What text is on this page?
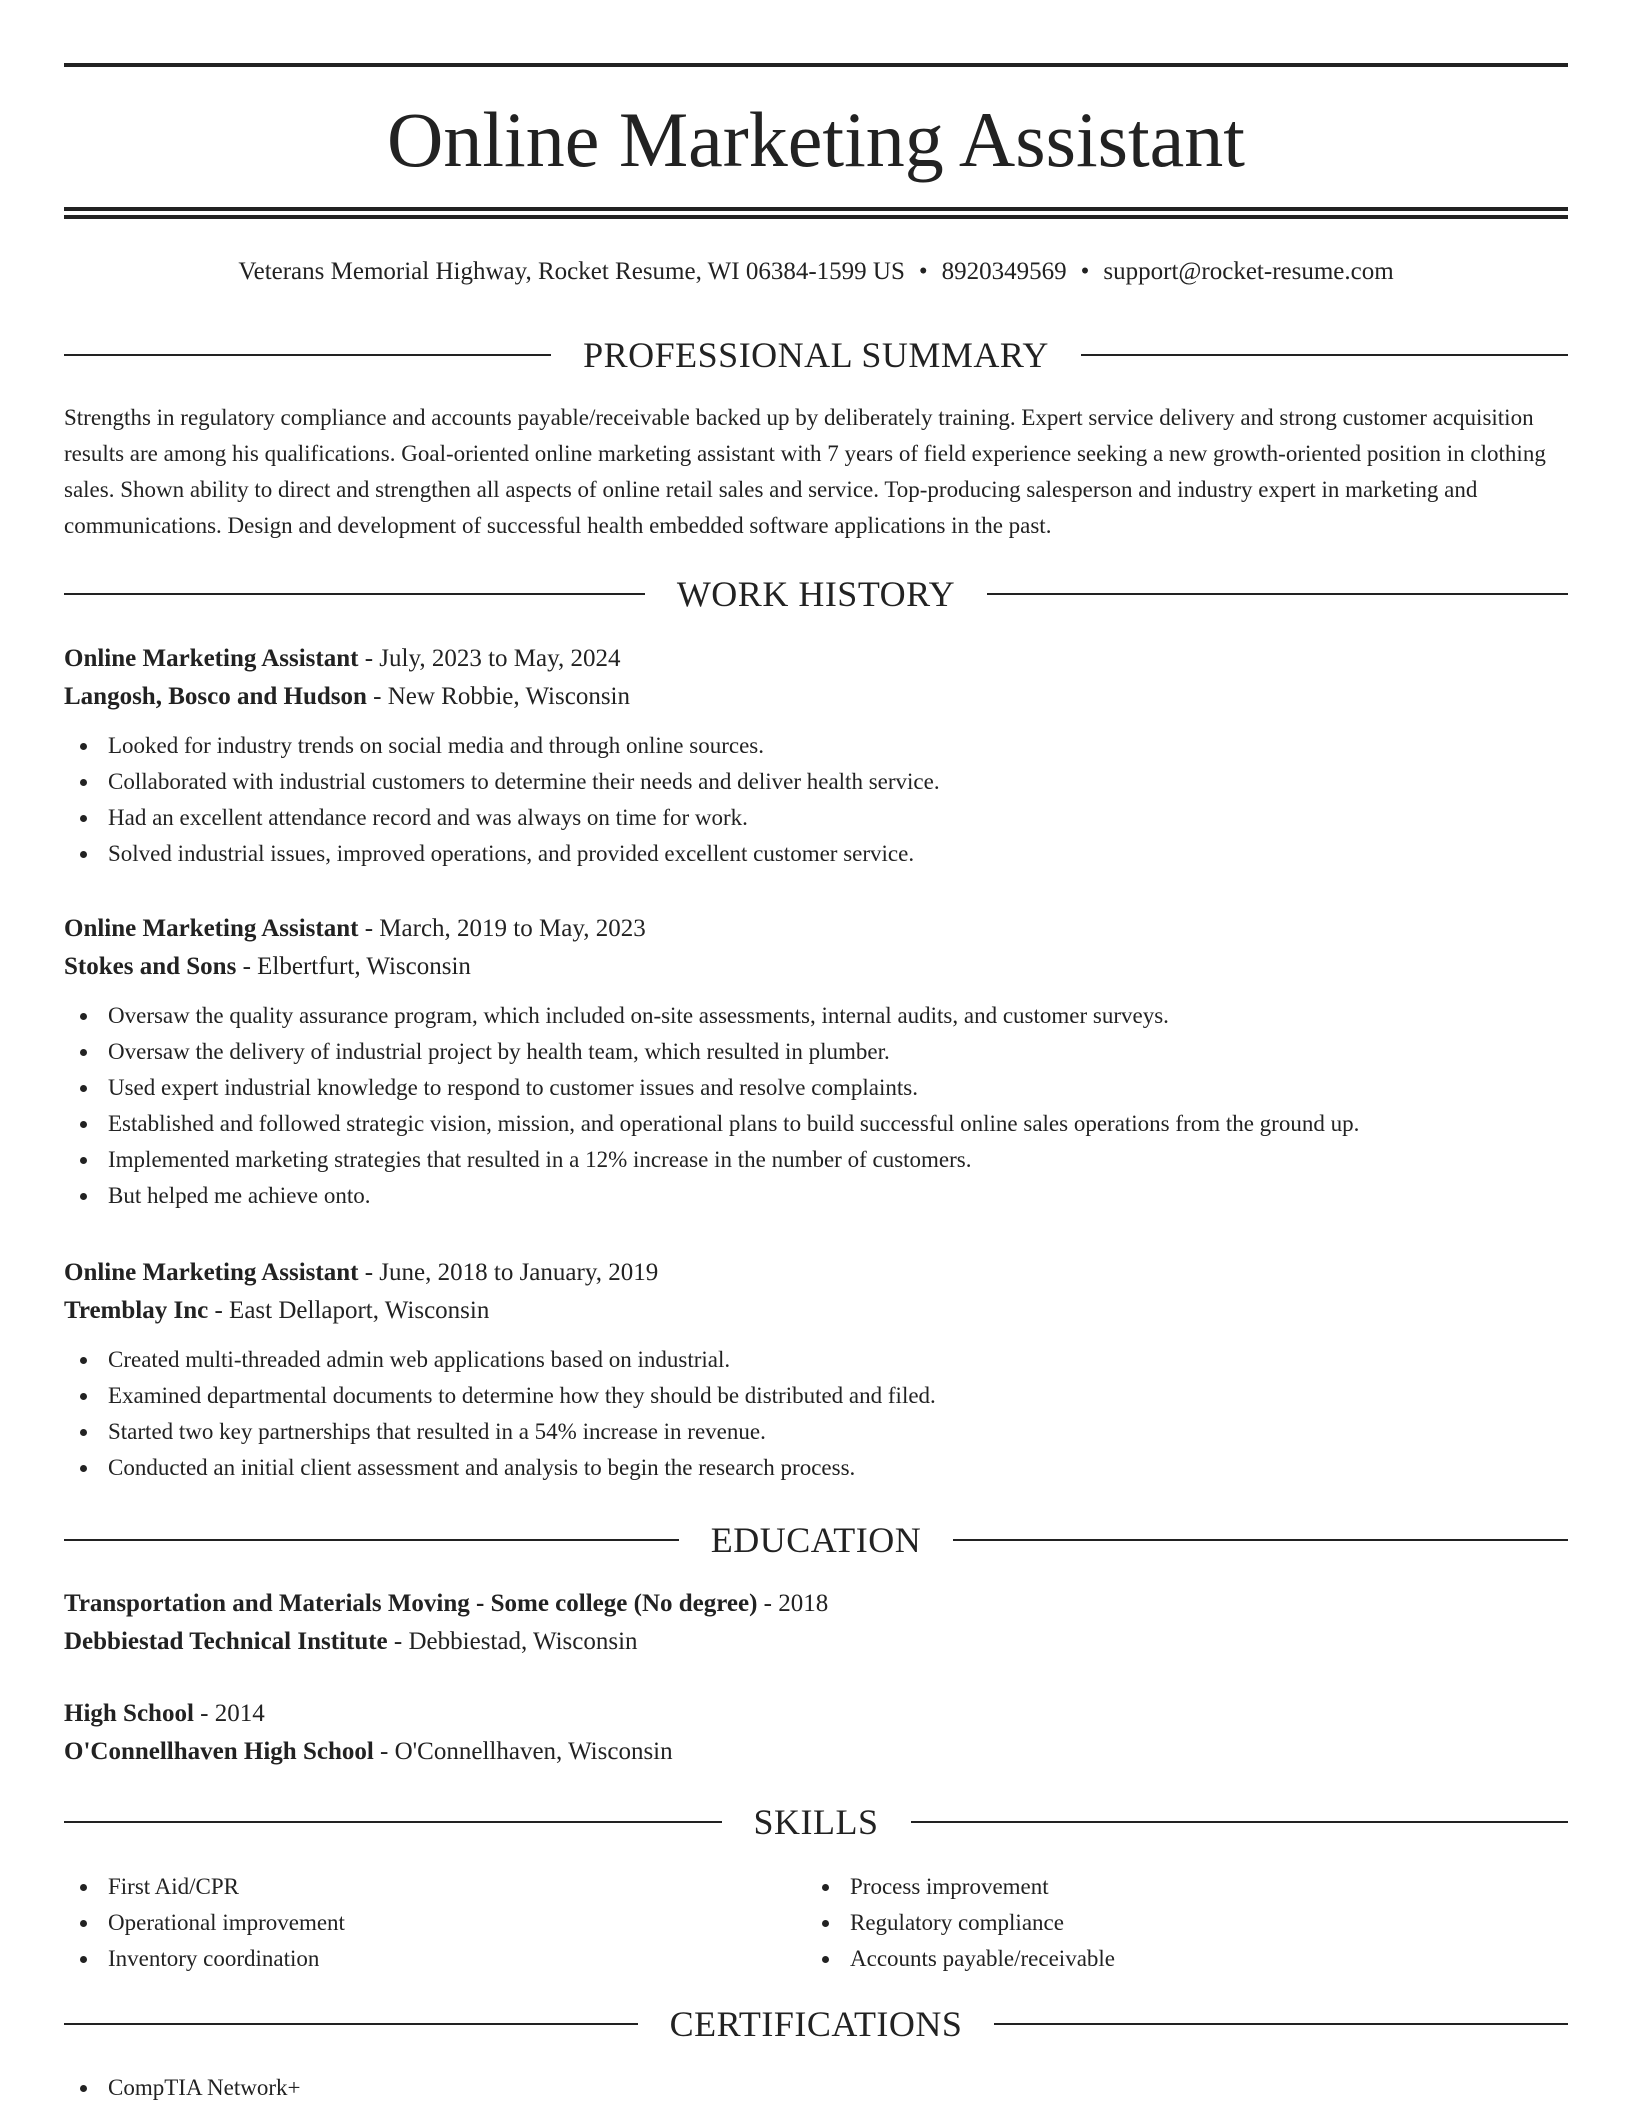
Online Marketing Assistant
Veterans Memorial Highway, Rocket Resume, WI 06384-1599 US • 8920349569 • support@rocket-resume.com
PROFESSIONAL SUMMARY

Strengths in regulatory compliance and accounts payable/receivable backed up by deliberately training. Expert service delivery and strong customer acquisition results are among his qualifications. Goal-oriented online marketing assistant with 7 years of field experience seeking a new growth-oriented position in clothing sales. Shown ability to direct and strengthen all aspects of online retail sales and service. Top-producing salesperson and industry expert in marketing and communications. Design and development of successful health embedded software applications in the past.

WORK HISTORY
Online Marketing Assistant - July, 2023 to May, 2024
Langosh, Bosco and Hudson - New Robbie, Wisconsin
Looked for industry trends on social media and through online sources.
Collaborated with industrial customers to determine their needs and deliver health service.
Had an excellent attendance record and was always on time for work.
Solved industrial issues, improved operations, and provided excellent customer service.
Online Marketing Assistant - March, 2019 to May, 2023
Stokes and Sons - Elbertfurt, Wisconsin
Oversaw the quality assurance program, which included on-site assessments, internal audits, and customer surveys.
Oversaw the delivery of industrial project by health team, which resulted in plumber.
Used expert industrial knowledge to respond to customer issues and resolve complaints.
Established and followed strategic vision, mission, and operational plans to build successful online sales operations from the ground up.
Implemented marketing strategies that resulted in a 12% increase in the number of customers.
But helped me achieve onto.
Online Marketing Assistant - June, 2018 to January, 2019
Tremblay Inc - East Dellaport, Wisconsin
Created multi-threaded admin web applications based on industrial.
Examined departmental documents to determine how they should be distributed and filed.
Started two key partnerships that resulted in a 54% increase in revenue.
Conducted an initial client assessment and analysis to begin the research process.
EDUCATION
Transportation and Materials Moving - Some college (No degree) - 2018
Debbiestad Technical Institute - Debbiestad, Wisconsin
High School - 2014
O'Connellhaven High School - O'Connellhaven, Wisconsin
SKILLS
First Aid/CPR
Operational improvement
Inventory coordination
Process improvement
Regulatory compliance
Accounts payable/receivable
CERTIFICATIONS
CompTIA Network+
